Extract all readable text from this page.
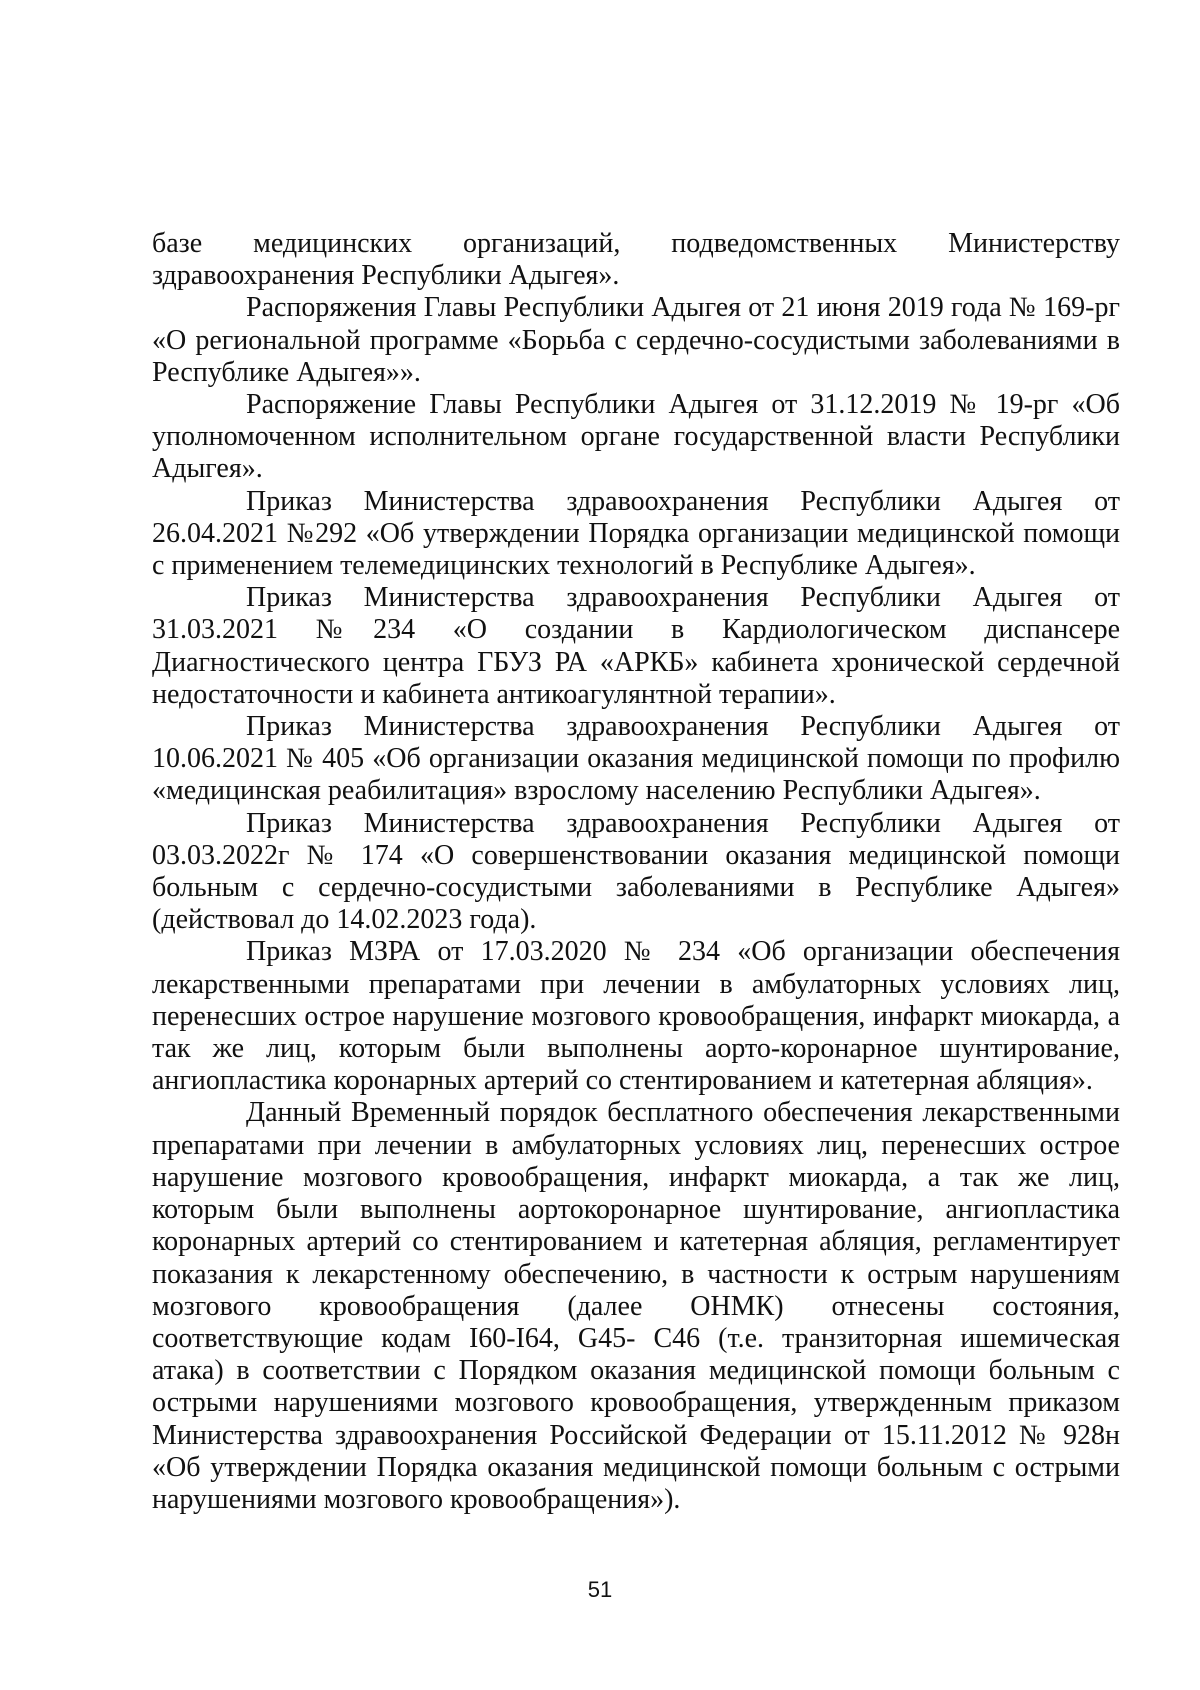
базе медицинских организаций, подведомственных Министерству здравоохранения Республики Адыгея».

Распоряжения Главы Республики Адыгея от 21 июня 2019 года № 169-рг «О региональной программе «Борьба с сердечно-сосудистыми заболеваниями в Республике Адыгея»».

Распоряжение Главы Республики Адыгея от 31.12.2019 № 19-рг «Об уполномоченном исполнительном органе государственной власти Республики Адыгея».

Приказ Министерства здравоохранения Республики Адыгея от 26.04.2021 №292 «Об утверждении Порядка организации медицинской помощи с применением телемедицинских технологий в Республике Адыгея».

Приказ Министерства здравоохранения Республики Адыгея от 31.03.2021 №234 «О создании в Кардиологическом диспансере Диагностического центра ГБУЗ РА «АРКБ» кабинета хронической сердечной недостаточности и кабинета антикоагулянтной терапии».

Приказ Министерства здравоохранения Республики Адыгея от 10.06.2021 № 405 «Об организации оказания медицинской помощи по профилю «медицинская реабилитация» взрослому населению Республики Адыгея».

Приказ Министерства здравоохранения Республики Адыгея от 03.03.2022г № 174 «О совершенствовании оказания медицинской помощи больным с сердечно-сосудистыми заболеваниями в Республике Адыгея» (действовал до 14.02.2023 года).

Приказ МЗРА от 17.03.2020 № 234 «Об организации обеспечения лекарственными препаратами при лечении в амбулаторных условиях лиц, перенесших острое нарушение мозгового кровообращения, инфаркт миокарда, а так же лиц, которым были выполнены аорто-коронарное шунтирование, ангиопластика коронарных артерий со стентированием и катетерная абляция».

Данный Временный порядок бесплатного обеспечения лекарственными препаратами при лечении в амбулаторных условиях лиц, перенесших острое нарушение мозгового кровообращения, инфаркт миокарда, а так же лиц, которым были выполнены аортокоронарное шунтирование, ангиопластика коронарных артерий со стентированием и катетерная абляция, регламентирует показания к лекарстенному обеспечению, в частности к острым нарушениям мозгового кровообращения (далее ОНМК) отнесены состояния, соответствующие кодам I60-I64, G45- C46 (т.е. транзиторная ишемическая атака) в соответствии с Порядком оказания медицинской помощи больным с острыми нарушениями мозгового кровообращения, утвержденным приказом Министерства здравоохранения Российской Федерации от 15.11.2012 № 928н «Об утверждении Порядка оказания медицинской помощи больным с острыми нарушениями мозгового кровообращения»).

51
